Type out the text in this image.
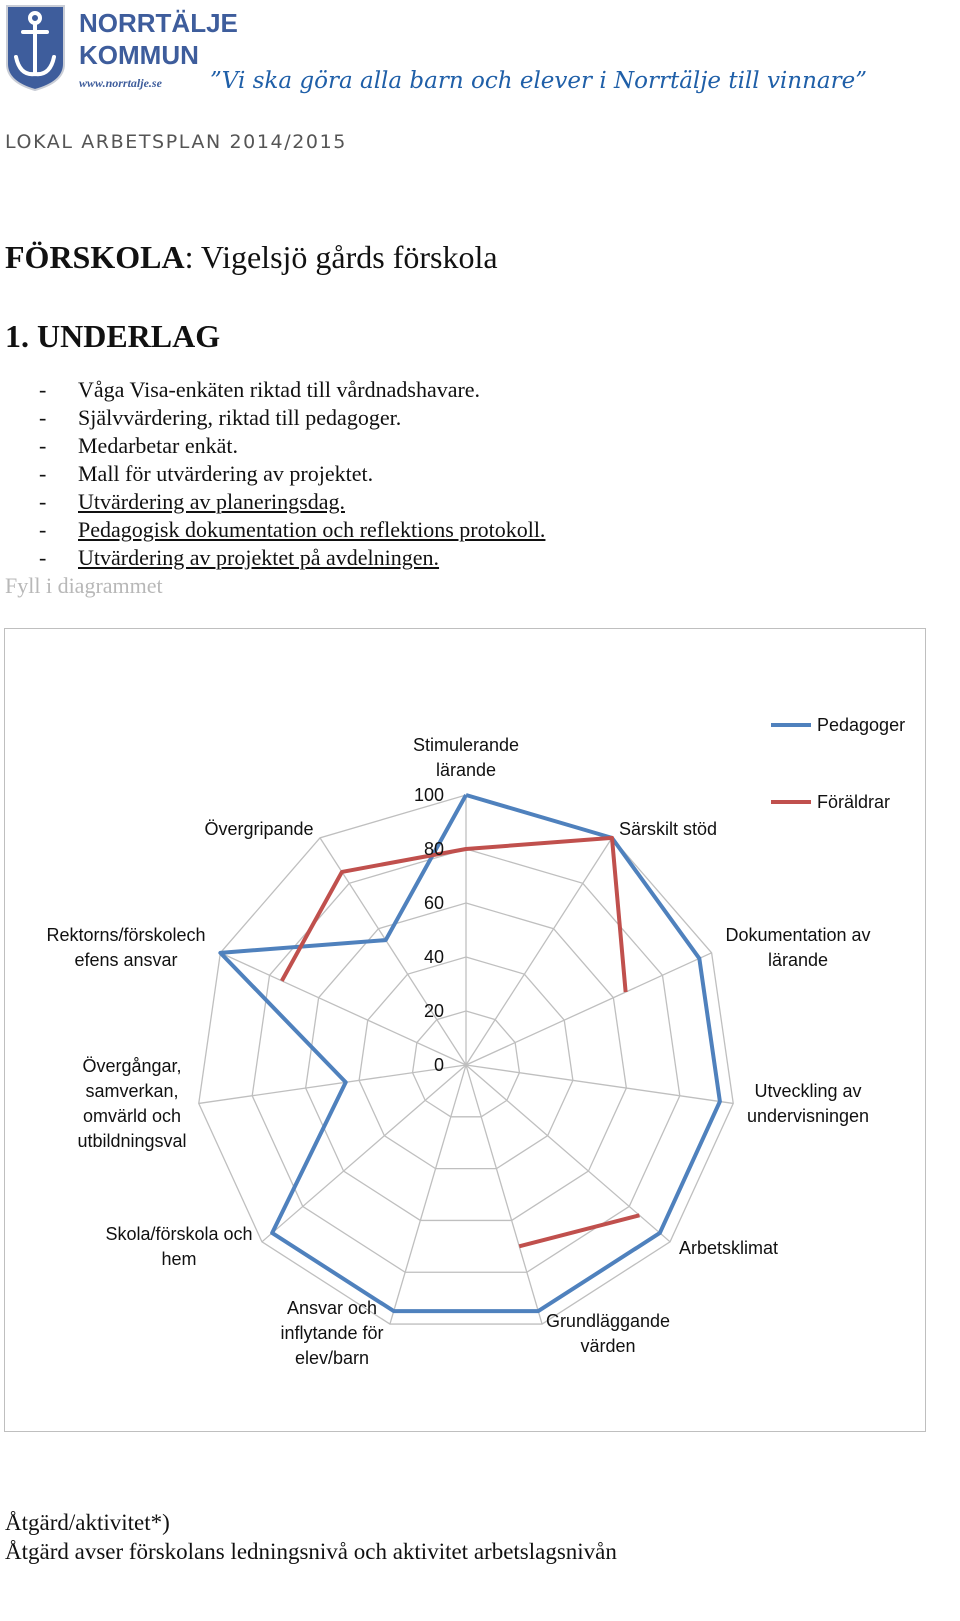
NORRTÄLJE
KOMMUN
www.norrtalje.se ”Vi ska göra alla barn och elever i Norrtälje till vinnare”
LOKAL ARBETSPLAN 2014/2015
FÖRSKOLA: Vigelsjö gårds förskola
1. UNDERLAG
- Våga Visa-enkäten riktad till vårdnadshavare.
- Självvärdering, riktad till pedagoger.
- Medarbetar enkät.
- Mall för utvärdering av projektet.
- Utvärdering av planeringsdag.
- Pedagogisk dokumentation och reflektions protokoll.
- Utvärdering av projektet på avdelningen.
Fyll i diagrammet
0
20
40
60
80
100
Stimulerande
lärande
Särskilt stöd
Dokumentation av
lärande
Utveckling av
undervisningen
Arbetsklimat
Grundläggande
värden
Ansvar och
inflytande för
elev/barn
Skola/förskola och
hem
Övergångar,
samverkan,
omvärld och
utbildningsval
Rektorns/förskolech
efens ansvar
Övergripande
Pedagoger
Föräldrar
Åtgärd/aktivitet*)
Åtgärd avser förskolans ledningsnivå och aktivitet arbetslagsnivån
